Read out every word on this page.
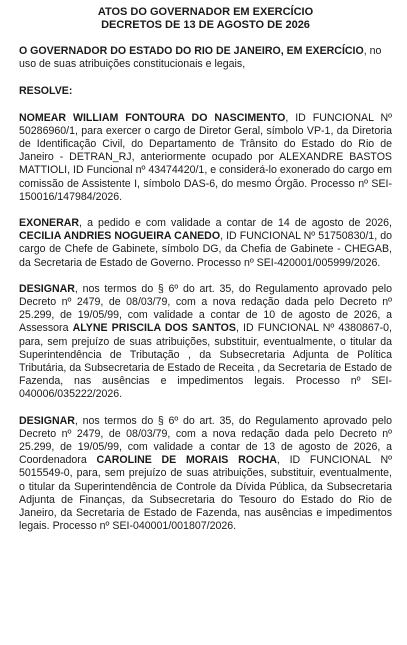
ATOS DO GOVERNADOR EM EXERCÍCIO
DECRETOS DE 13 DE AGOSTO DE 2026

O GOVERNADOR DO ESTADO DO RIO DE JANEIRO, EM EXERCÍCIO, no uso de suas atribuições constitucionais e legais,

RESOLVE:

NOMEAR WILLIAM FONTOURA DO NASCIMENTO, ID FUNCIONAL Nº 50286960/1, para exercer o cargo de Diretor Geral, símbolo VP-1, da Diretoria de Identificação Civil, do Departamento de Trânsito do Estado do Rio de Janeiro - DETRAN_RJ, anteriormente ocupado por ALEXANDRE BASTOS MATTIOLI, ID Funcional nº 43474420/1, e considerá-lo exonerado do cargo em comissão de Assistente I, símbolo DAS-6, do mesmo Órgão. Processo nº SEI-150016/147984/2026.

EXONERAR, a pedido e com validade a contar de 14 de agosto de 2026, CECILIA ANDRIES NOGUEIRA CANEDO, ID FUNCIONAL Nº 51750830/1, do cargo de Chefe de Gabinete, símbolo DG, da Chefia de Gabinete - CHEGAB, da Secretaria de Estado de Governo. Processo nº SEI-420001/005999/2026.

DESIGNAR, nos termos do § 6º do art. 35, do Regulamento aprovado pelo Decreto nº 2479, de 08/03/79, com a nova redação dada pelo Decreto nº 25.299, de 19/05/99, com validade a contar de 10 de agosto de 2026, a Assessora ALYNE PRISCILA DOS SANTOS, ID FUNCIONAL Nº 4380867-0, para, sem prejuízo de suas atribuições, substituir, eventualmente, o titular da Superintendência de Tributação , da Subsecretaria Adjunta de Política Tributária, da Subsecretaria de Estado de Receita , da Secretaria de Estado de Fazenda, nas ausências e impedimentos legais. Processo nº SEI-040006/035222/2026.

DESIGNAR, nos termos do § 6º do art. 35, do Regulamento aprovado pelo Decreto nº 2479, de 08/03/79, com a nova redação dada pelo Decreto nº 25.299, de 19/05/99, com validade a contar de 13 de agosto de 2026, a Coordenadora CAROLINE DE MORAIS ROCHA, ID FUNCIONAL Nº 5015549-0, para, sem prejuízo de suas atribuições, substituir, eventualmente, o titular da Superintendência de Controle da Dívida Pública, da Subsecretaria Adjunta de Finanças, da Subsecretaria do Tesouro do Estado do Rio de Janeiro, da Secretaria de Estado de Fazenda, nas ausências e impedimentos legais. Processo nº SEI-040001/001807/2026.
